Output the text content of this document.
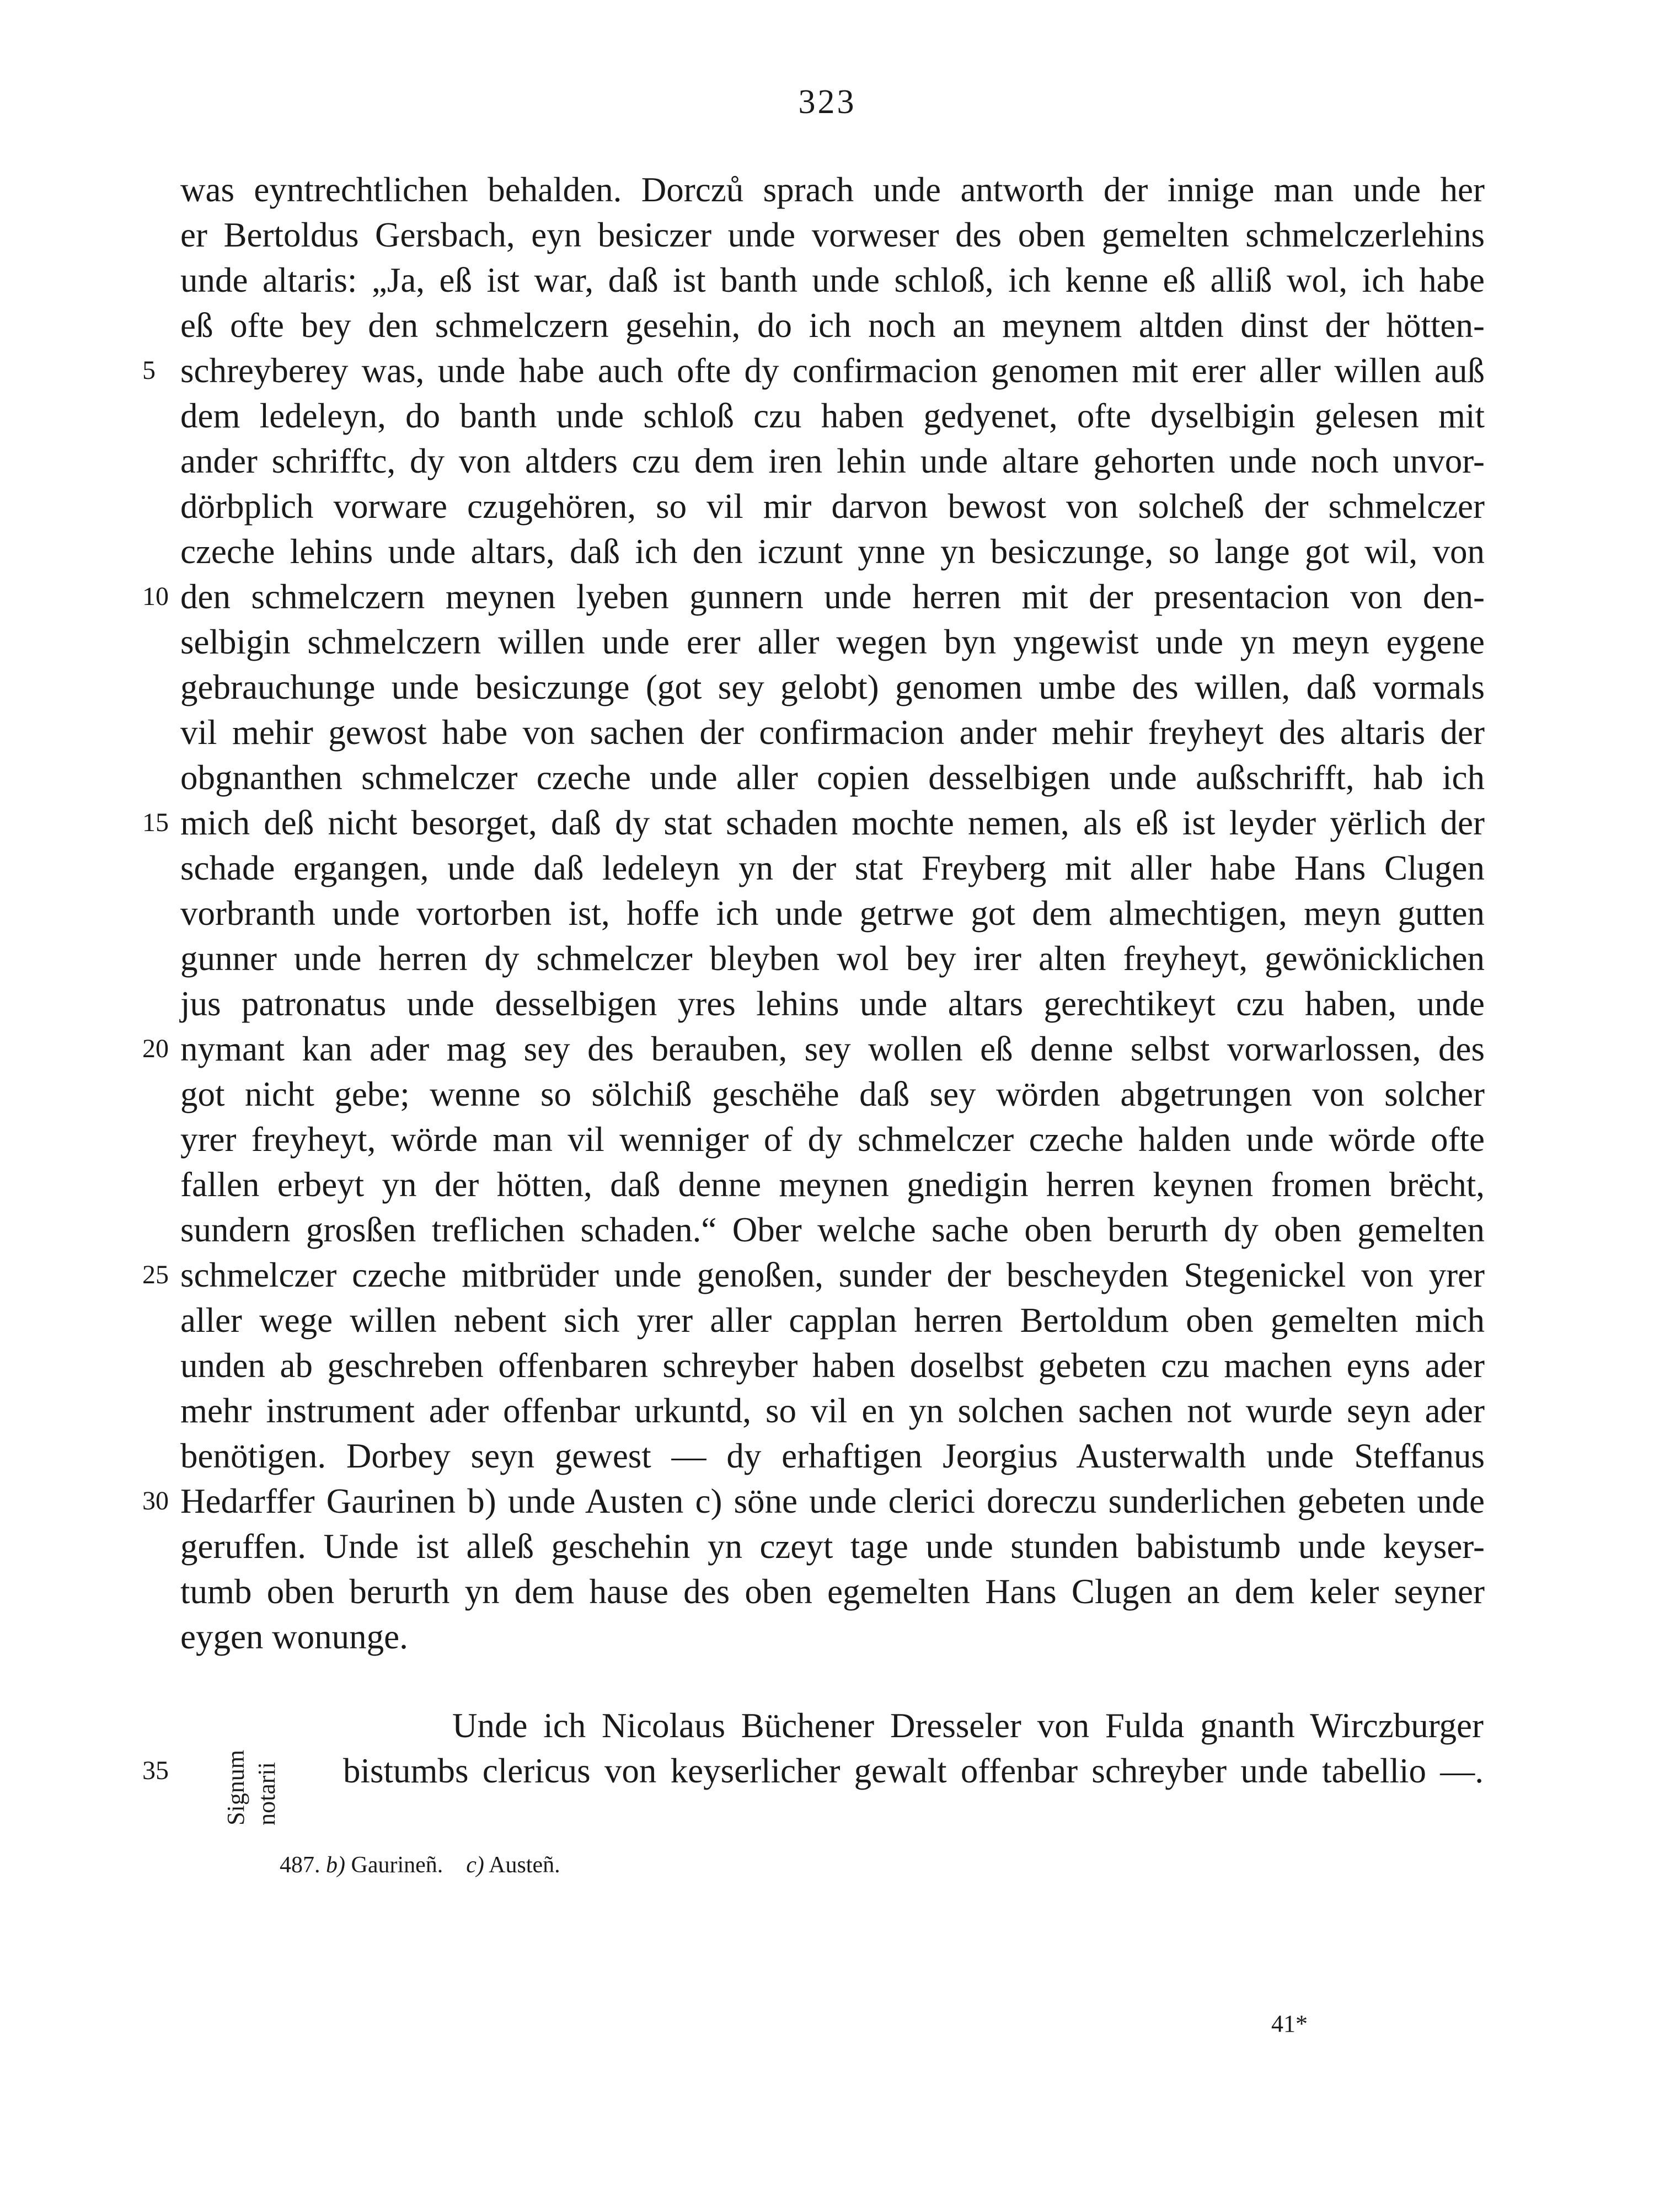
323
was eyntrechtlichen behalden. Dorczů sprach unde antworth der innige man unde her
er Bertoldus Gersbach, eyn besiczer unde vorweser des oben gemelten schmelczerlehins
unde altaris: „Ja, eß ist war, daß ist banth unde schloß, ich kenne eß alliß wol, ich habe
eß ofte bey den schmelczern gesehin, do ich noch an meynem altden dinst der hötten-
schreyberey was, unde habe auch ofte dy confirmacion genomen mit erer aller willen auß
dem ledeleyn, do banth unde schloß czu haben gedyenet, ofte dyselbigin gelesen mit
ander schrifftc, dy von altders czu dem iren lehin unde altare gehorten unde noch unvor-
dörbplich vorware czugehören, so vil mir darvon bewost von solcheß der schmelczer
czeche lehins unde altars, daß ich den iczunt ynne yn besiczunge, so lange got wil, von
den schmelczern meynen lyeben gunnern unde herren mit der presentacion von den-
selbigin schmelczern willen unde erer aller wegen byn yngewist unde yn meyn eygene
gebrauchunge unde besiczunge (got sey gelobt) genomen umbe des willen, daß vormals
vil mehir gewost habe von sachen der confirmacion ander mehir freyheyt des altaris der
obgnanthen schmelczer czeche unde aller copien desselbigen unde außschrifft, hab ich
mich deß nicht besorget, daß dy stat schaden mochte nemen, als eß ist leyder yërlich der
schade ergangen, unde daß ledeleyn yn der stat Freyberg mit aller habe Hans Clugen
vorbranth unde vortorben ist, hoffe ich unde getrwe got dem almechtigen, meyn gutten
gunner unde herren dy schmelczer bleyben wol bey irer alten freyheyt, gewönicklichen
jus patronatus unde desselbigen yres lehins unde altars gerechtikeyt czu haben, unde
nymant kan ader mag sey des berauben, sey wollen eß denne selbst vorwarlossen, des
got nicht gebe; wenne so sölchiß geschëhe daß sey wörden abgetrungen von solcher
yrer freyheyt, wörde man vil wenniger of dy schmelczer czeche halden unde wörde ofte
fallen erbeyt yn der hötten, daß denne meynen gnedigin herren keynen fromen brëcht,
sundern grosßen treflichen schaden.“ Ober welche sache oben berurth dy oben gemelten
schmelczer czeche mitbrüder unde genoßen, sunder der bescheyden Stegenickel von yrer
aller wege willen nebent sich yrer aller capplan herren Bertoldum oben gemelten mich
unden ab geschreben offenbaren schreyber haben doselbst gebeten czu machen eyns ader
mehr instrument ader offenbar urkuntd, so vil en yn solchen sachen not wurde seyn ader
benötigen. Dorbey seyn gewest — dy erhaftigen Jeorgius Austerwalth unde Steffanus
Hedarffer Gaurinen b) unde Austen c) söne unde clerici doreczu sunderlichen gebeten unde
geruffen. Unde ist alleß geschehin yn czeyt tage unde stunden babistumb unde keyser-
tumb oben berurth yn dem hause des oben egemelten Hans Clugen an dem keler seyner
eygen wonunge.
5
10
15
20
25
30
35 Signum notarii
Unde ich Nicolaus Büchener Dresseler von Fulda gnanth Wirczburger
bistumbs clericus von keyserlicher gewalt offenbar schreyber unde tabellio —.
487. b) Gaurineñ. c) Austeñ.
41*
